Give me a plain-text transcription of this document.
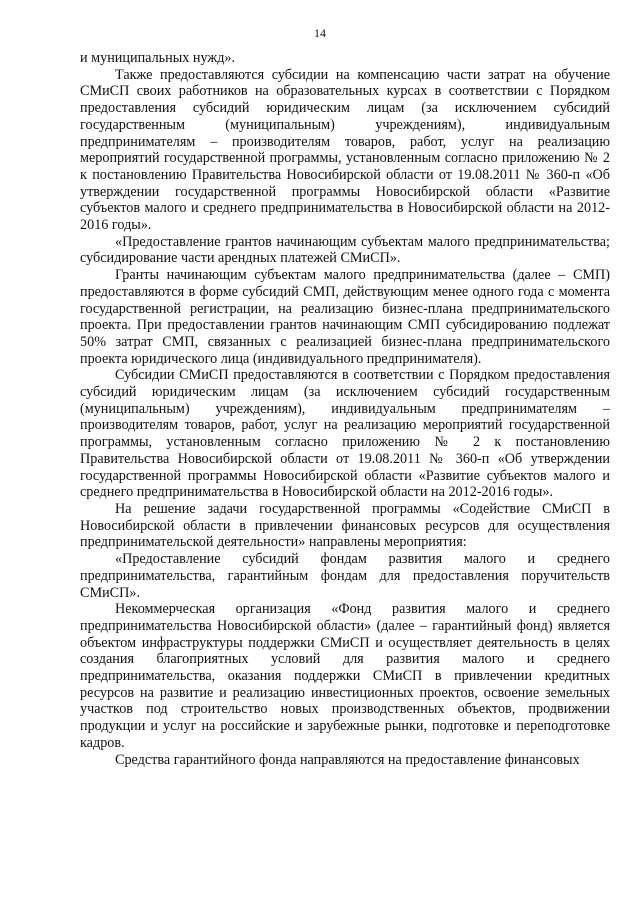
14

и муниципальных нужд».

Также предоставляются субсидии на компенсацию части затрат на обучение СМиСП своих работников на образовательных курсах в соответствии с Порядком предоставления субсидий юридическим лицам (за исключением субсидий государственным (муниципальным) учреждениям), индивидуальным предпринимателям – производителям товаров, работ, услуг на реализацию мероприятий государственной программы, установленным согласно приложению № 2 к постановлению Правительства Новосибирской области от 19.08.2011 № 360-п «Об утверждении государственной программы Новосибирской области «Развитие субъектов малого и среднего предпринимательства в Новосибирской области на 2012-2016 годы».

«Предоставление грантов начинающим субъектам малого предпринимательства; субсидирование части арендных платежей СМиСП».

Гранты начинающим субъектам малого предпринимательства (далее – СМП) предоставляются в форме субсидий СМП, действующим менее одного года с момента государственной регистрации, на реализацию бизнес-плана предпринимательского проекта. При предоставлении грантов начинающим СМП субсидированию подлежат 50% затрат СМП, связанных с реализацией бизнес-плана предпринимательского проекта юридического лица (индивидуального предпринимателя).

Субсидии СМиСП предоставляются в соответствии с Порядком предоставления субсидий юридическим лицам (за исключением субсидий государственным (муниципальным) учреждениям), индивидуальным предпринимателям – производителям товаров, работ, услуг на реализацию мероприятий государственной программы, установленным согласно приложению № 2 к постановлению Правительства Новосибирской области от 19.08.2011 № 360-п «Об утверждении государственной программы Новосибирской области «Развитие субъектов малого и среднего предпринимательства в Новосибирской области на 2012-2016 годы».

На решение задачи государственной программы «Содействие СМиСП в Новосибирской области в привлечении финансовых ресурсов для осуществления предпринимательской деятельности» направлены мероприятия:

«Предоставление субсидий фондам развития малого и среднего предпринимательства, гарантийным фондам для предоставления поручительств СМиСП».

Некоммерческая организация «Фонд развития малого и среднего предпринимательства Новосибирской области» (далее – гарантийный фонд) является объектом инфраструктуры поддержки СМиСП и осуществляет деятельность в целях создания благоприятных условий для развития малого и среднего предпринимательства, оказания поддержки СМиСП в привлечении кредитных ресурсов на развитие и реализацию инвестиционных проектов, освоение земельных участков под строительство новых производственных объектов, продвижении продукции и услуг на российские и зарубежные рынки, подготовке и переподготовке кадров.

Средства гарантийного фонда направляются на предоставление финансовых
